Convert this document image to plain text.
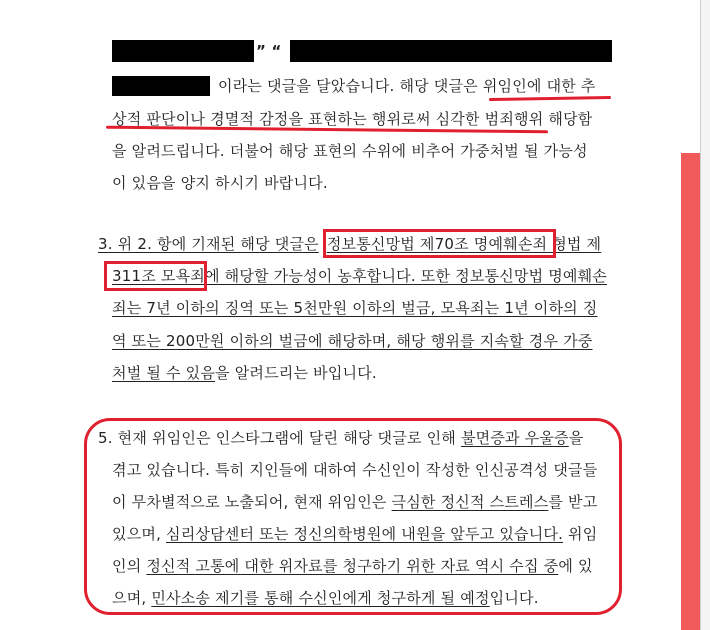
” “
이라는 댓글을 달았습니다. 해당 댓글은 위임인에 대한 추
상적 판단이나 경멸적 감정을 표현하는 행위로써 심각한 범죄행위 해당함
을 알려드립니다. 더불어 해당 표현의 수위에 비추어 가중처벌 될 가능성
이 있음을 양지 하시기 바랍니다.
3. 위 2. 항에 기재된 해당 댓글은 정보통신망법 제70조 명예훼손죄 형법 제
311조 모욕죄에 해당할 가능성이 농후합니다. 또한 정보통신망법 명예훼손
죄는 7년 이하의 징역 또는 5천만원 이하의 벌금, 모욕죄는 1년 이하의 징
역 또는 200만원 이하의 벌금에 해당하며, 해당 행위를 지속할 경우 가중
처벌 될 수 있음을 알려드리는 바입니다.
5. 현재 위임인은 인스타그램에 달린 해당 댓글로 인해 불면증과 우울증을
겪고 있습니다. 특히 지인들에 대하여 수신인이 작성한 인신공격성 댓글들
이 무차별적으로 노출되어, 현재 위임인은 극심한 정신적 스트레스를 받고
있으며, 심리상담센터 또는 정신의학병원에 내원을 앞두고 있습니다. 위임
인의 정신적 고통에 대한 위자료를 청구하기 위한 자료 역시 수집 중에 있
으며, 민사소송 제기를 통해 수신인에게 청구하게 될 예정입니다.
